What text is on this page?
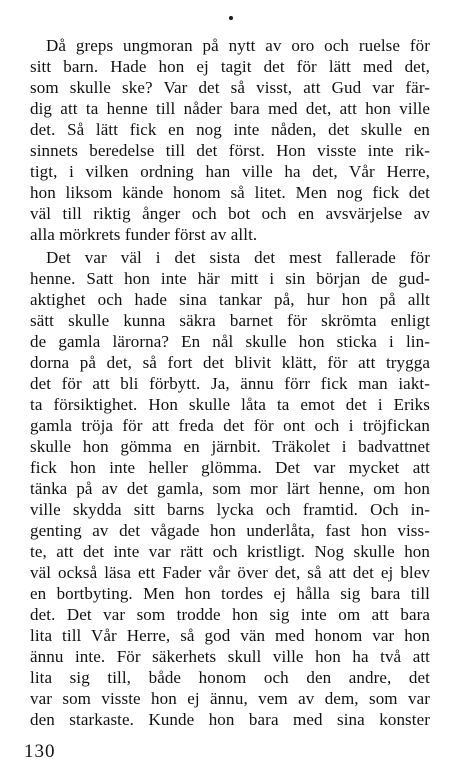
Då greps ungmoran på nytt av oro och ruelse för
sitt barn. Hade hon ej tagit det för lätt med det,
som skulle ske? Var det så visst, att Gud var fär-
dig att ta henne till nåder bara med det, att hon ville
det. Så lätt fick en nog inte nåden, det skulle en
sinnets beredelse till det först. Hon visste inte rik-
tigt, i vilken ordning han ville ha det, Vår Herre,
hon liksom kände honom så litet. Men nog fick det
väl till riktig ånger och bot och en avsvärjelse av
alla mörkrets funder först av allt.
Det var väl i det sista det mest fallerade för
henne. Satt hon inte här mitt i sin början de gud-
aktighet och hade sina tankar på, hur hon på allt
sätt skulle kunna säkra barnet för skrömta enligt
de gamla lärorna? En nål skulle hon sticka i lin-
dorna på det, så fort det blivit klätt, för att trygga
det för att bli förbytt. Ja, ännu förr fick man iakt-
ta försiktighet. Hon skulle låta ta emot det i Eriks
gamla tröja för att freda det för ont och i tröjfickan
skulle hon gömma en järnbit. Träkolet i badvattnet
fick hon inte heller glömma. Det var mycket att
tänka på av det gamla, som mor lärt henne, om hon
ville skydda sitt barns lycka och framtid. Och in-
genting av det vågade hon underlåta, fast hon viss-
te, att det inte var rätt och kristligt. Nog skulle hon
väl också läsa ett Fader vår över det, så att det ej blev
en bortbyting. Men hon tordes ej hålla sig bara till
det. Det var som trodde hon sig inte om att bara
lita till Vår Herre, så god vän med honom var hon
ännu inte. För säkerhets skull ville hon ha två att
lita sig till, både honom och den andre, det
var som visste hon ej ännu, vem av dem, som var
den starkaste. Kunde hon bara med sina konster
130
